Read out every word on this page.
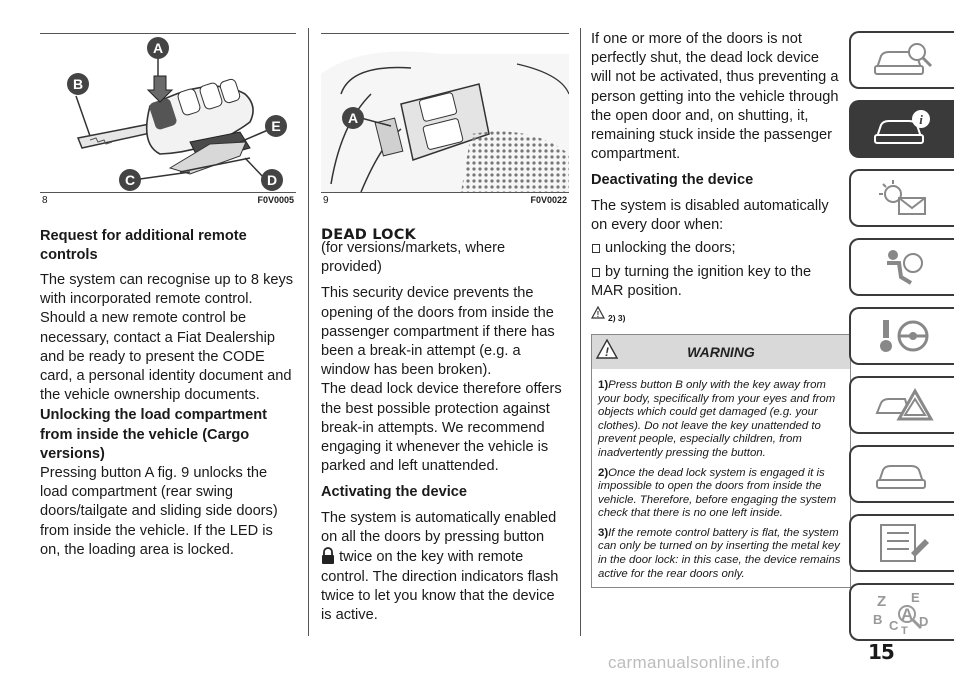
A
B
E
C	D
8	F0V0005

Request for additional remote controls

The system can recognise up to 8 keys with incorporated remote control. Should a new remote control be necessary, contact a Fiat Dealership and be ready to present the CODE card, a personal identity document and the vehicle ownership documents.

Unlocking the load compartment from inside the vehicle (Cargo versions)

Pressing button A fig. 9 unlocks the load compartment (rear swing doors/tailgate and sliding side doors) from inside the vehicle. If the LED is on, the loading area is locked.

A
9	F0V0022

DEAD LOCK

(for versions/markets, where provided)

This security device prevents the opening of the doors from inside the passenger compartment if there has been a break-in attempt (e.g. a window has been broken).

The dead lock device therefore offers the best possible protection against break-in attempts. We recommend engaging it whenever the vehicle is parked and left unattended.

Activating the device

The system is automatically enabled on all the doors by pressing button
twice on the key with remote control. The direction indicators flash twice to let you know that the device is active.

If one or more of the doors is not perfectly shut, the dead lock device will not be activated, thus preventing a person getting into the vehicle through the open door and, on shutting, it, remaining stuck inside the passenger compartment.

Deactivating the device

The system is disabled automatically on every door when:

unlocking the doors;
by turning the ignition key to the MAR position.
! 2) 3)
!	WARNING

1)Press button B only with the key away from your body, specifically from your eyes and from objects which could get damaged (e.g. your clothes). Do not leave the key unattended to prevent people, especially children, from inadvertently pressing the button.

2)Once the dead lock system is engaged it is impossible to open the doors from inside the vehicle. Therefore, before engaging the system check that there is no one left inside.

3)If the remote control battery is flat, the system can only be turned on by inserting the metal key in the door lock: in this case, the device remains active for the rear doors only.

i
Z E
B A
C D
T
15
carmanualsonline.info
